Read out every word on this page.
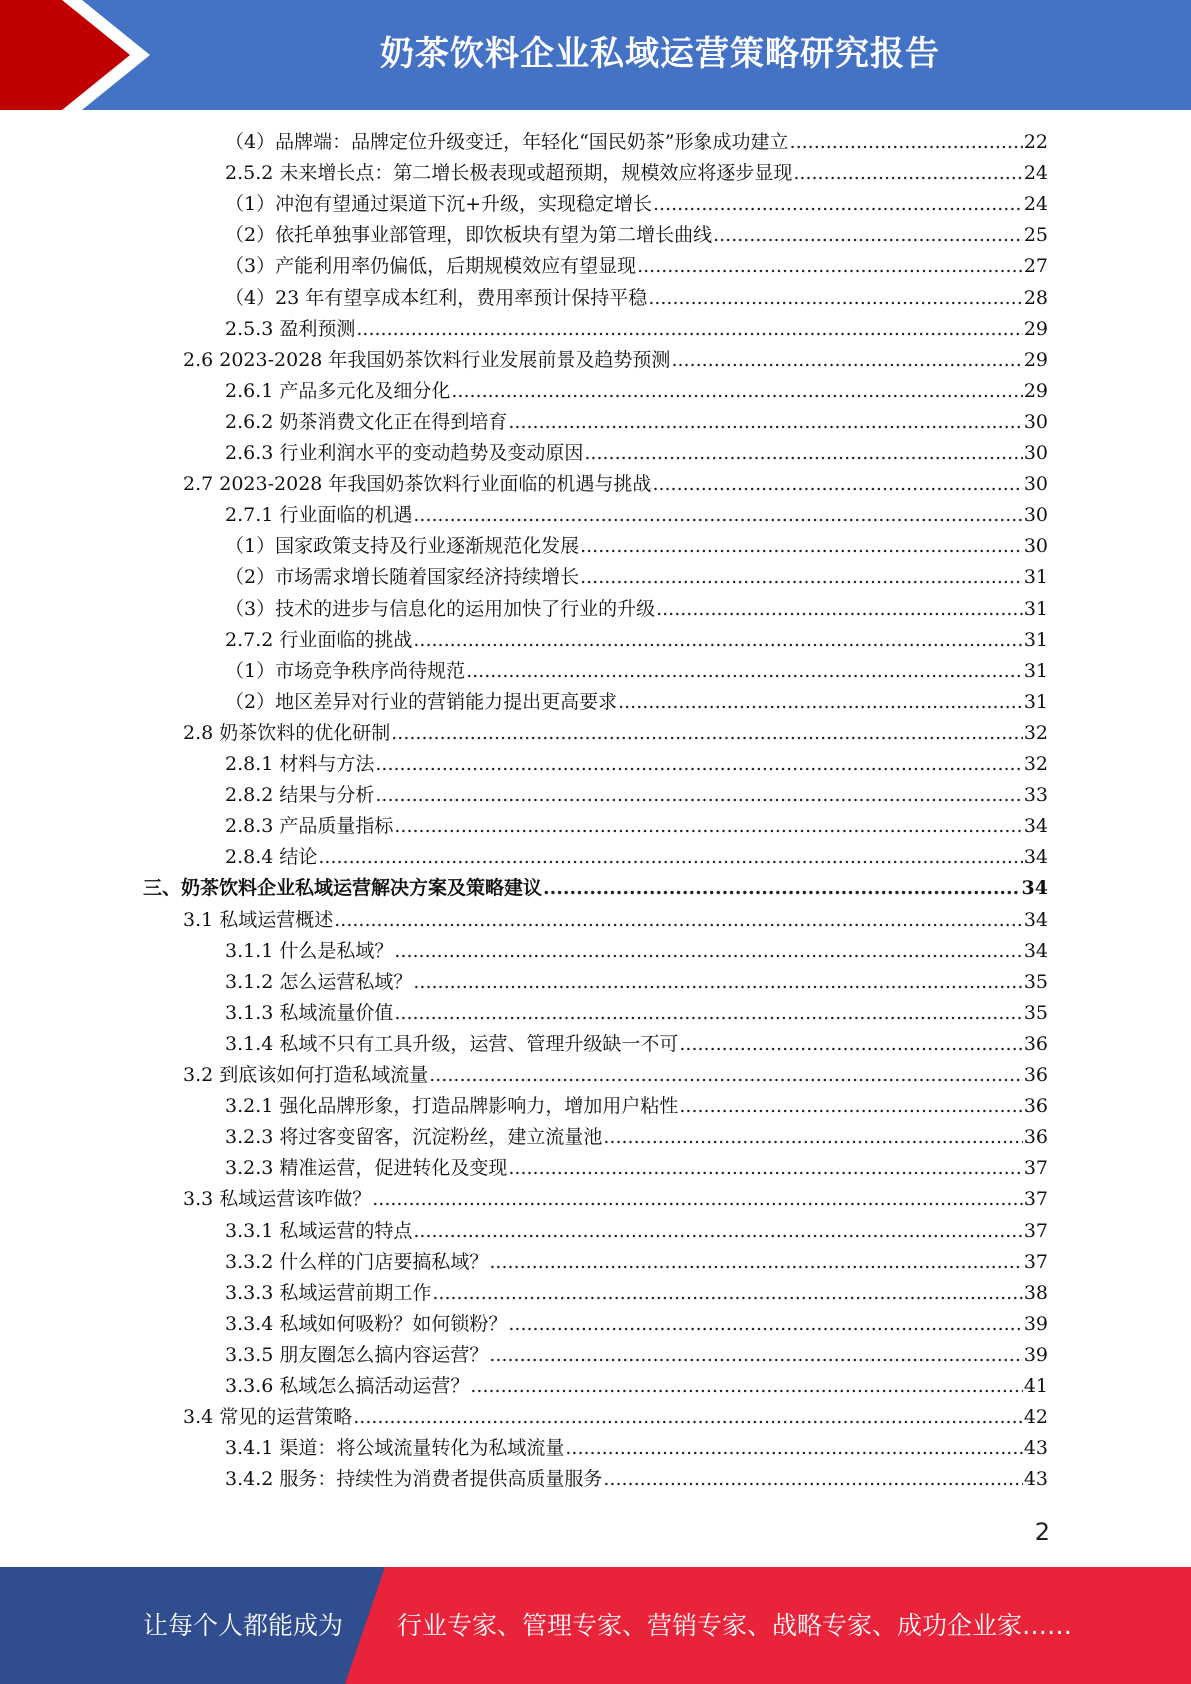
奶茶饮料企业私域运营策略研究报告
（4）品牌端：品牌定位升级变迁，年轻化“国民奶茶”形象成功建立 .....	22
2.5.2 未来增长点：第二增长极表现或超预期，规模效应将逐步显现 .....	24
（1）冲泡有望通过渠道下沉+升级，实现稳定增长 .....	24
（2）依托单独事业部管理，即饮板块有望为第二增长曲线 .....	25
（3）产能利用率仍偏低，后期规模效应有望显现 .....	27
（4）23 年有望享成本红利，费用率预计保持平稳 .....	28
2.5.3 盈利预测 .....	29
2.6 2023-2028 年我国奶茶饮料行业发展前景及趋势预测 .....	29
2.6.1 产品多元化及细分化 .....	29
2.6.2 奶茶消费文化正在得到培育 .....	30
2.6.3 行业利润水平的变动趋势及变动原因 .....	30
2.7 2023-2028 年我国奶茶饮料行业面临的机遇与挑战 .....	30
2.7.1 行业面临的机遇 .....	30
（1）国家政策支持及行业逐渐规范化发展 .....	30
（2）市场需求增长随着国家经济持续增长 .....	31
（3）技术的进步与信息化的运用加快了行业的升级 .....	31
2.7.2 行业面临的挑战 .....	31
（1）市场竞争秩序尚待规范 .....	31
（2）地区差异对行业的营销能力提出更高要求 .....	31
2.8 奶茶饮料的优化研制 .....	32
2.8.1 材料与方法 .....	32
2.8.2 结果与分析 .....	33
2.8.3 产品质量指标 .....	34
2.8.4 结论 .....	34
三、奶茶饮料企业私域运营解决方案及策略建议 .....	34
3.1 私域运营概述 .....	34
3.1.1 什么是私域？ .....	34
3.1.2 怎么运营私域？ .....	35
3.1.3 私域流量价值 .....	35
3.1.4 私域不只有工具升级，运营、管理升级缺一不可 .....	36
3.2 到底该如何打造私域流量 .....	36
3.2.1 强化品牌形象，打造品牌影响力，增加用户粘性 .....	36
3.2.3 将过客变留客，沉淀粉丝，建立流量池 .....	36
3.2.3 精准运营，促进转化及变现 .....	37
3.3 私域运营该咋做？ .....	37
3.3.1 私域运营的特点 .....	37
3.3.2 什么样的门店要搞私域？ .....	37
3.3.3 私域运营前期工作 .....	38
3.3.4 私域如何吸粉？如何锁粉？ .....	39
3.3.5 朋友圈怎么搞内容运营？ .....	39
3.3.6 私域怎么搞活动运营？ .....	41
3.4 常见的运营策略 .....	42
3.4.1 渠道：将公域流量转化为私域流量 .....	43
3.4.2 服务：持续性为消费者提供高质量服务 .....	43
2
让每个人都能成为 行业专家、管理专家、营销专家、战略专家、成功企业家……
